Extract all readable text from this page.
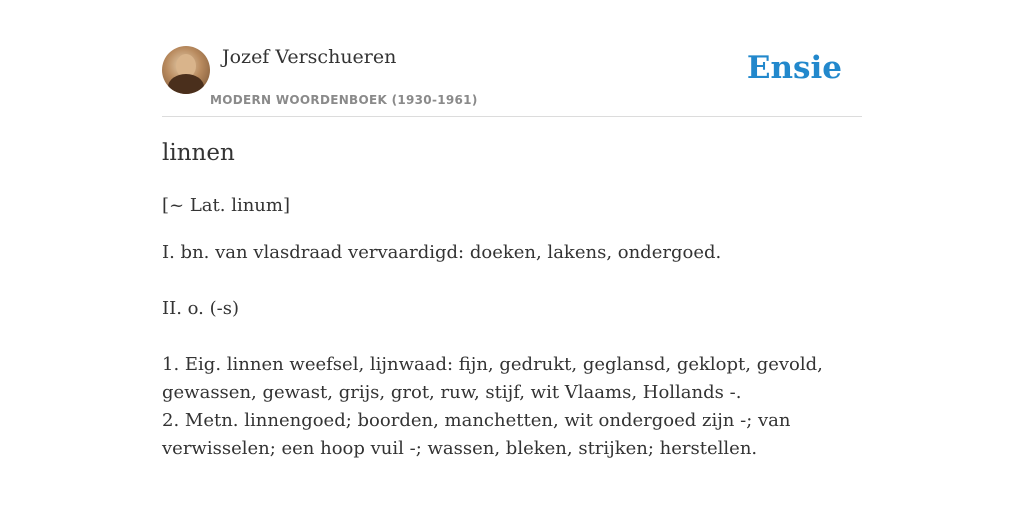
Jozef Verschueren
MODERN WOORDENBOEK (1930-1961)
Ensie
linnen
[~ Lat. linum]
I. bn. van vlasdraad vervaardigd: doeken, lakens, ondergoed.
II. o. (-s)
1. Eig. linnen weefsel, lijnwaad: fijn, gedrukt, geglansd, geklopt, gevold, gewassen, gewast, grijs, grot, ruw, stijf, wit Vlaams, Hollands -.
2. Metn. linnengoed; boorden, manchetten, wit ondergoed zijn -; van verwisselen; een hoop vuil -; wassen, bleken, strijken; herstellen.
